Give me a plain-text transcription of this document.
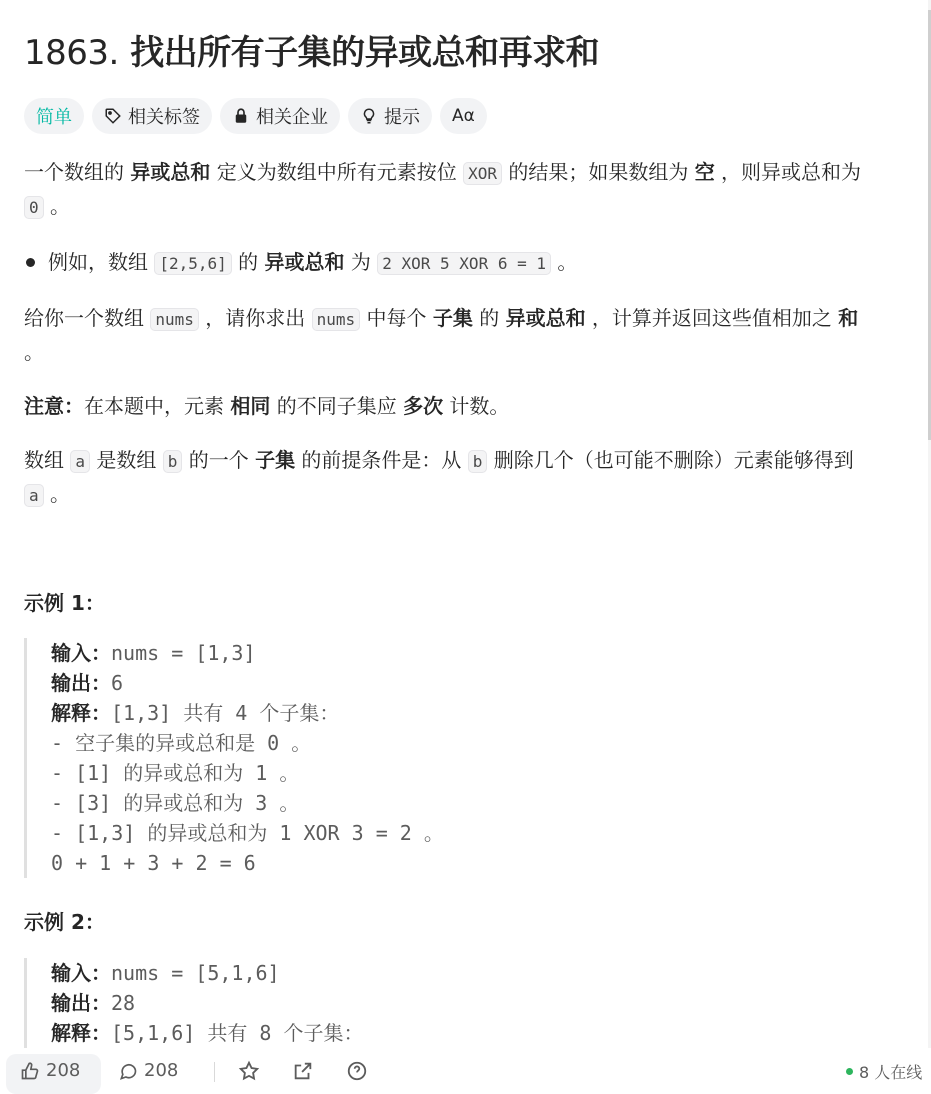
1863. 找出所有子集的异或总和再求和
简单	相关标签	相关企业	提示 Aα

一个数组的 异或总和 定义为数组中所有元素按位 XOR 的结果；如果数组为 空 ，则异或总和为
0 。

例如，数组 [2,5,6] 的 异或总和 为 2 XOR 5 XOR 6 = 1 。

给你一个数组 nums ，请你求出 nums 中每个 子集 的 异或总和 ，计算并返回这些值相加之 和
。

注意：在本题中，元素 相同 的不同子集应 多次 计数。

数组 a 是数组 b 的一个 子集 的前提条件是：从 b 删除几个（也可能不删除）元素能够得到
a 。

示例 1：

输入：nums = [1,3]
输出：6
解释：[1,3] 共有 4 个子集：
- 空子集的异或总和是 0 。
- [1] 的异或总和为 1 。
- [3] 的异或总和为 3 。
- [1,3] 的异或总和为 1 XOR 3 = 2 。
0 + 1 + 3 + 2 = 6

示例 2：

输入：nums = [5,1,6]
输出：28
解释：[5,1,6] 共有 8 个子集：
208	208	8 人在线
